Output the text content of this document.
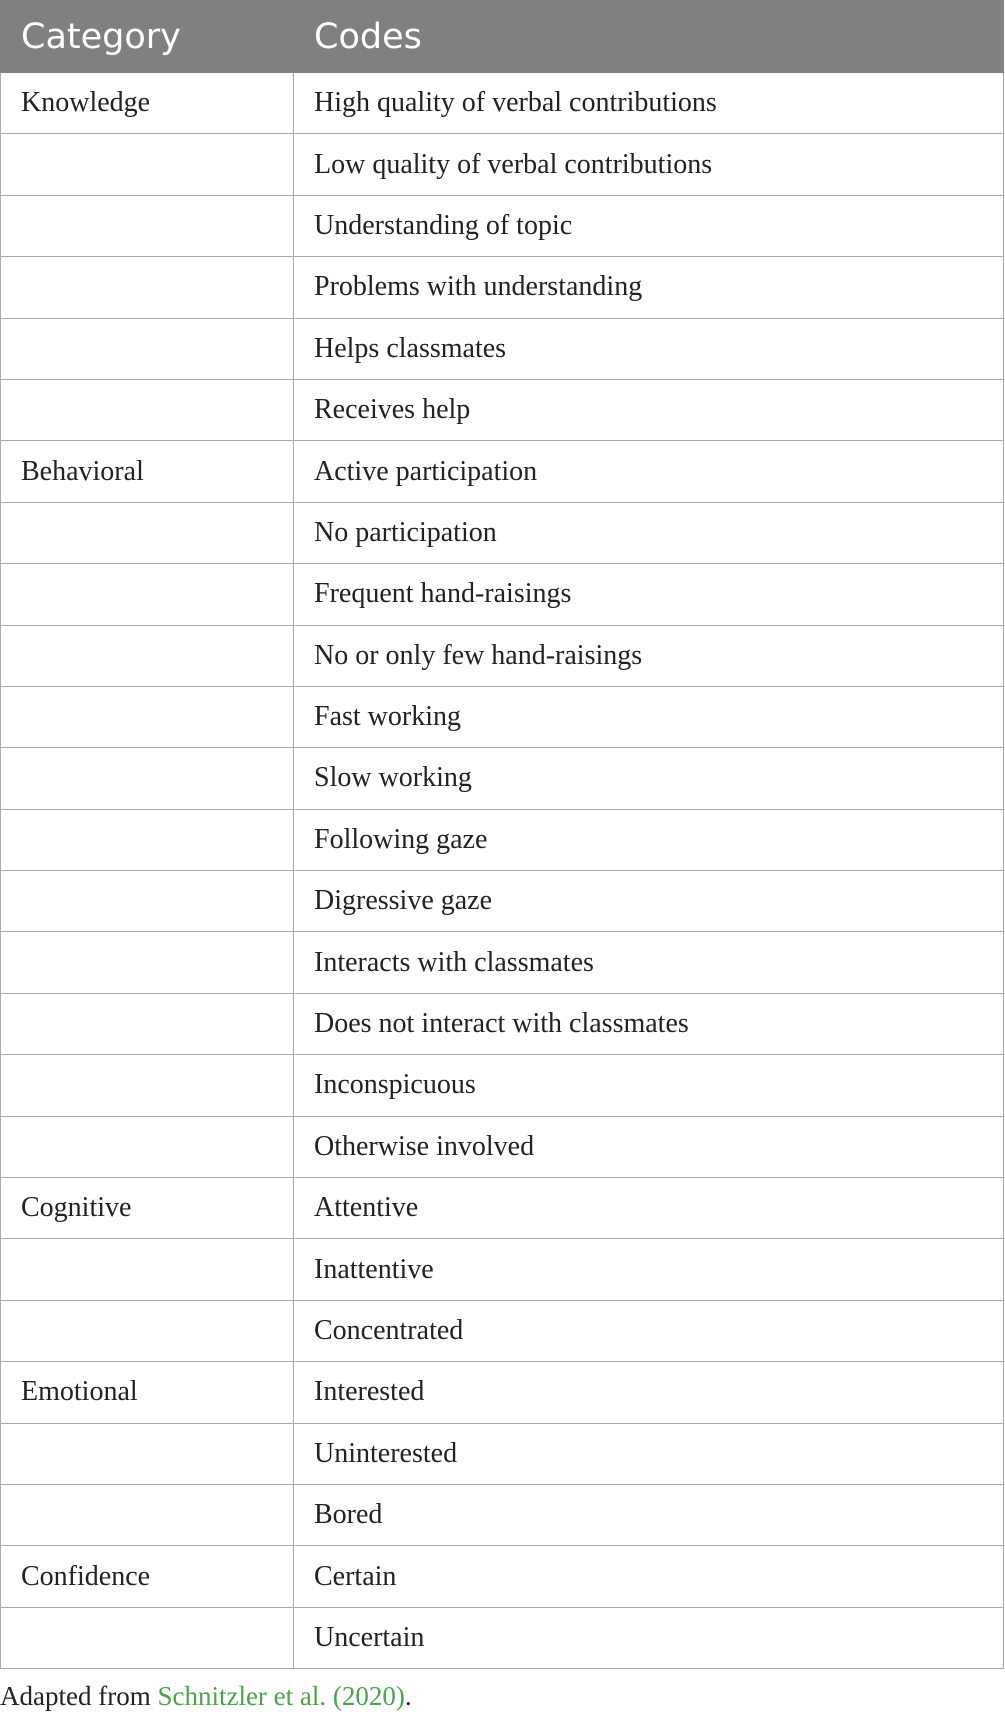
Category	Codes
Knowledge	High quality of verbal contributions
	Low quality of verbal contributions
	Understanding of topic
	Problems with understanding
	Helps classmates
	Receives help
Behavioral	Active participation
	No participation
	Frequent hand-raisings
	No or only few hand-raisings
	Fast working
	Slow working
	Following gaze
	Digressive gaze
	Interacts with classmates
	Does not interact with classmates
	Inconspicuous
	Otherwise involved
Cognitive	Attentive
	Inattentive
	Concentrated
Emotional	Interested
	Uninterested
	Bored
Confidence	Certain
	Uncertain
Adapted from Schnitzler et al. (2020).
